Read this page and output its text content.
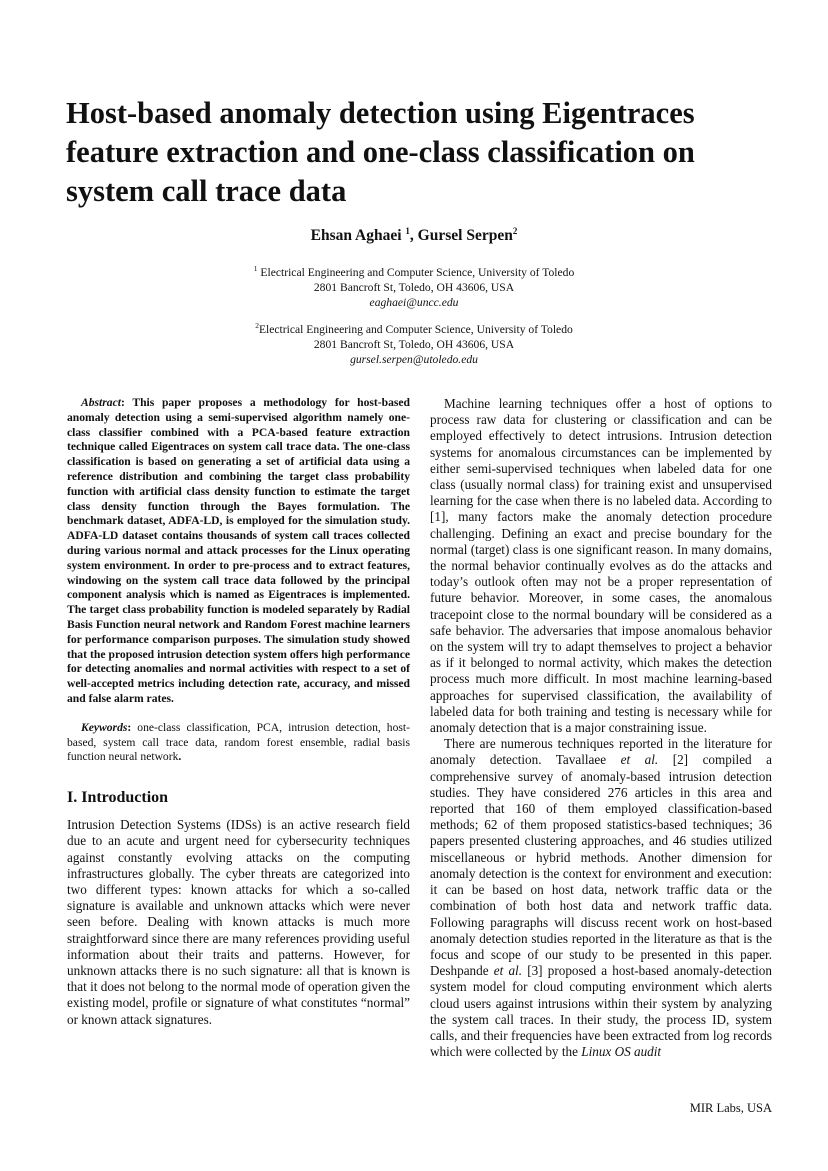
Host-based anomaly detection using Eigentraces feature extraction and one-class classification on system call trace data
Ehsan Aghaei $^1$, Gursel Serpen$^2$
$^1$ Electrical Engineering and Computer Science, University of Toledo
2801 Bancroft St, Toledo, OH 43606, USA
eaghaei@uncc.edu
$^2$Electrical Engineering and Computer Science, University of Toledo
2801 Bancroft St, Toledo, OH 43606, USA
gursel.serpen@utoledo.edu

Abstract: This paper proposes a methodology for host-based anomaly detection using a semi-supervised algorithm namely one-class classifier combined with a PCA-based feature extraction technique called Eigentraces on system call trace data. The one-class classification is based on generating a set of artificial data using a reference distribution and combining the target class probability function with artificial class density function to estimate the target class density function through the Bayes formulation. The benchmark dataset, ADFA-LD, is employed for the simulation study. ADFA-LD dataset contains thousands of system call traces collected during various normal and attack processes for the Linux operating system environment. In order to pre-process and to extract features, windowing on the system call trace data followed by the principal component analysis which is named as Eigentraces is implemented. The target class probability function is modeled separately by Radial Basis Function neural network and Random Forest machine learners for performance comparison purposes. The simulation study showed that the proposed intrusion detection system offers high performance for detecting anomalies and normal activities with respect to a set of well-accepted metrics including detection rate, accuracy, and missed and false alarm rates.

Keywords: one-class classification, PCA, intrusion detection, host-based, system call trace data, random forest ensemble, radial basis function neural network.

I. Introduction

Intrusion Detection Systems (IDSs) is an active research field due to an acute and urgent need for cybersecurity techniques against constantly evolving attacks on the computing infrastructures globally. The cyber threats are categorized into two different types: known attacks for which a so-called signature is available and unknown attacks which were never seen before. Dealing with known attacks is much more straightforward since there are many references providing useful information about their traits and patterns. However, for unknown attacks there is no such signature: all that is known is that it does not belong to the normal mode of operation given the existing model, profile or signature of what constitutes “normal” or known attack signatures.

Machine learning techniques offer a host of options to process raw data for clustering or classification and can be employed effectively to detect intrusions. Intrusion detection systems for anomalous circumstances can be implemented by either semi-supervised techniques when labeled data for one class (usually normal class) for training exist and unsupervised learning for the case when there is no labeled data. According to [1], many factors make the anomaly detection procedure challenging. Defining an exact and precise boundary for the normal (target) class is one significant reason. In many domains, the normal behavior continually evolves as do the attacks and today’s outlook often may not be a proper representation of future behavior. Moreover, in some cases, the anomalous tracepoint close to the normal boundary will be considered as a safe behavior. The adversaries that impose anomalous behavior on the system will try to adapt themselves to project a behavior as if it belonged to normal activity, which makes the detection process much more difficult. In most machine learning-based approaches for supervised classification, the availability of labeled data for both training and testing is necessary while for anomaly detection that is a major constraining issue.

There are numerous techniques reported in the literature for anomaly detection. Tavallaee et al. [2] compiled a comprehensive survey of anomaly-based intrusion detection studies. They have considered 276 articles in this area and reported that 160 of them employed classification-based methods; 62 of them proposed statistics-based techniques; 36 papers presented clustering approaches, and 46 studies utilized miscellaneous or hybrid methods. Another dimension for anomaly detection is the context for environment and execution: it can be based on host data, network traffic data or the combination of both host data and network traffic data. Following paragraphs will discuss recent work on host-based anomaly detection studies reported in the literature as that is the focus and scope of our study to be presented in this paper. Deshpande et al. [3] proposed a host-based anomaly-detection system model for cloud computing environment which alerts cloud users against intrusions within their system by analyzing the system call traces. In their study, the process ID, system calls, and their frequencies have been extracted from log records which were collected by the Linux OS audit

MIR Labs, USA
